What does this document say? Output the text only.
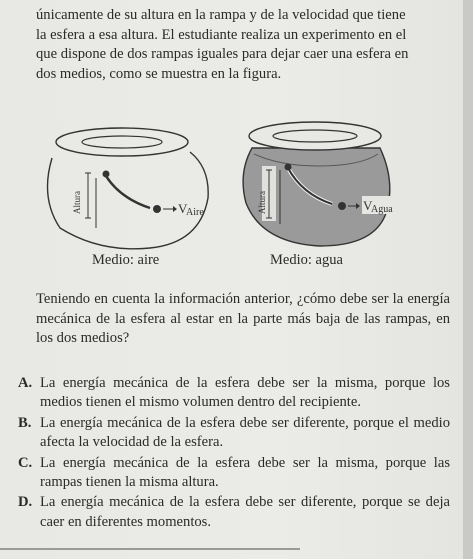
únicamente de su altura en la rampa y de la velocidad que tiene

la esfera a esa altura. El estudiante realiza un experimento en el

que dispone de dos rampas iguales para dejar caer una esfera en

dos medios, como se muestra en la figura.

Altura	V
Aire	Altura	V
Agua
Medio: aire	Medio: agua
Teniendo en cuenta la información anterior, ¿cómo debe ser la energía mecánica de la esfera al estar en la parte más baja de las rampas, en los dos medios?
A. La energía mecánica de la esfera debe ser la misma, porque los medios tienen el mismo volumen dentro del recipiente.
B. La energía mecánica de la esfera debe ser diferente, porque el medio afecta la velocidad de la esfera.
C. La energía mecánica de la esfera debe ser la misma, porque las rampas tienen la misma altura.
D. La energía mecánica de la esfera debe ser diferente, porque se deja caer en diferentes momentos.
